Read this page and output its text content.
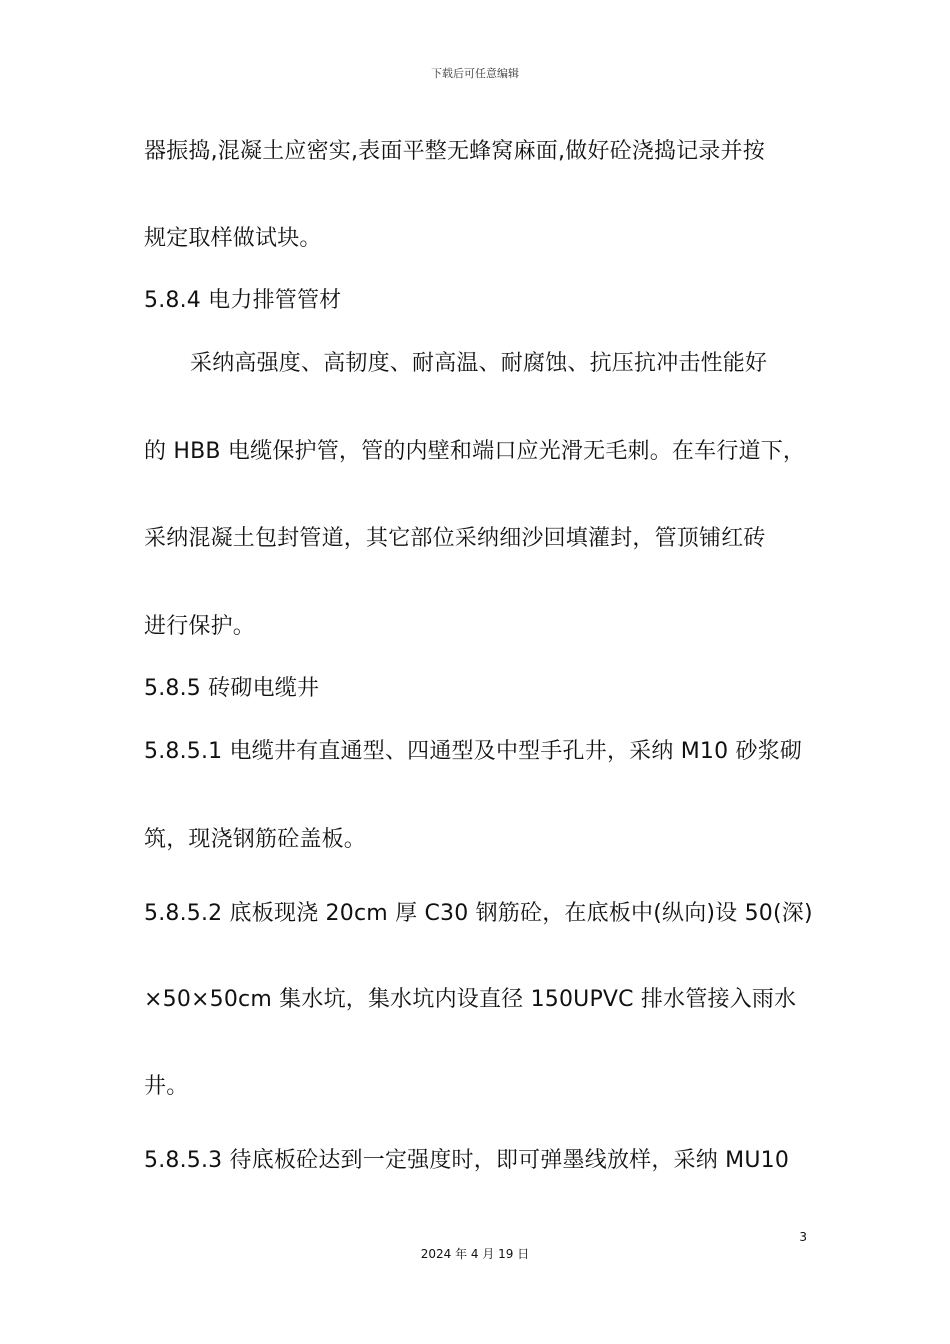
下载后可任意编辑
器振捣,混凝土应密实,表面平整无蜂窝麻面,做好砼浇捣记录并按
规定取样做试块。
5.8.4 电力排管管材
采纳高强度、高韧度、耐高温、耐腐蚀、抗压抗冲击性能好
的 HBB 电缆保护管，管的内壁和端口应光滑无毛刺。在车行道下，
采纳混凝土包封管道，其它部位采纳细沙回填灌封，管顶铺红砖
进行保护。
5.8.5 砖砌电缆井
5.8.5.1 电缆井有直通型、四通型及中型手孔井，采纳 M10 砂浆砌
筑，现浇钢筋砼盖板。
5.8.5.2 底板现浇 20cm 厚 C30 钢筋砼，在底板中(纵向)设 50(深)
×50×50cm 集水坑，集水坑内设直径 150UPVC 排水管接入雨水
井。
5.8.5.3 待底板砼达到一定强度时，即可弹墨线放样，采纳 MU10
3
2024 年 4 月 19 日
